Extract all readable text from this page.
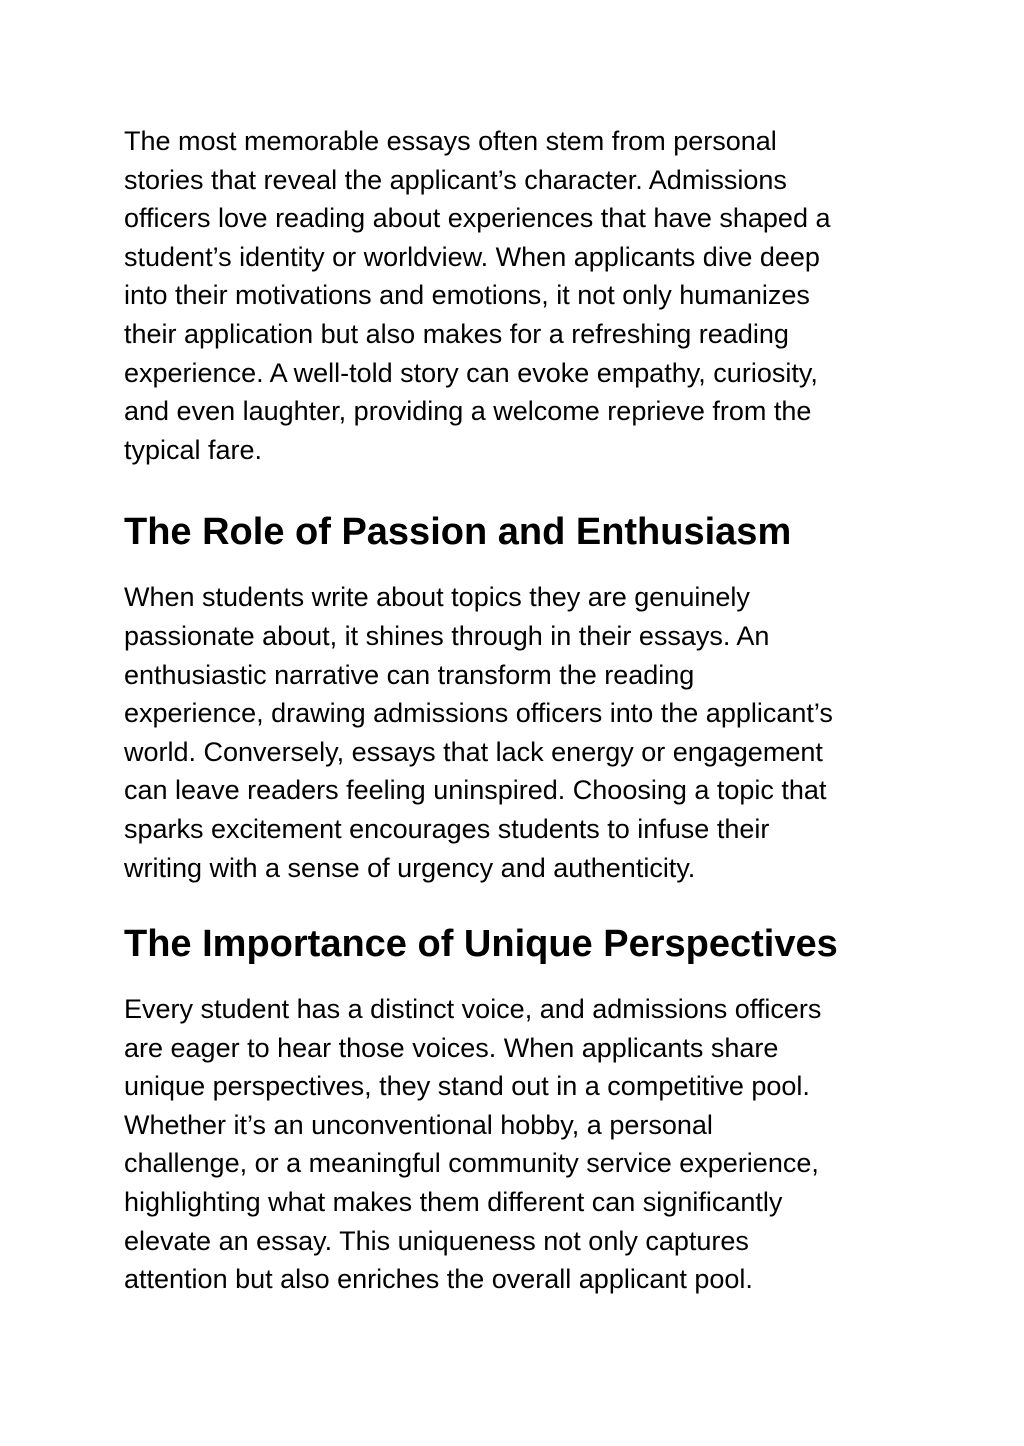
The most memorable essays often stem from personal
stories that reveal the applicant’s character. Admissions
officers love reading about experiences that have shaped a
student’s identity or worldview. When applicants dive deep
into their motivations and emotions, it not only humanizes
their application but also makes for a refreshing reading
experience. A well-told story can evoke empathy, curiosity,
and even laughter, providing a welcome reprieve from the
typical fare.

The Role of Passion and Enthusiasm

When students write about topics they are genuinely
passionate about, it shines through in their essays. An
enthusiastic narrative can transform the reading
experience, drawing admissions officers into the applicant’s
world. Conversely, essays that lack energy or engagement
can leave readers feeling uninspired. Choosing a topic that
sparks excitement encourages students to infuse their
writing with a sense of urgency and authenticity.

The Importance of Unique Perspectives

Every student has a distinct voice, and admissions officers
are eager to hear those voices. When applicants share
unique perspectives, they stand out in a competitive pool.
Whether it’s an unconventional hobby, a personal
challenge, or a meaningful community service experience,
highlighting what makes them different can significantly
elevate an essay. This uniqueness not only captures
attention but also enriches the overall applicant pool.
